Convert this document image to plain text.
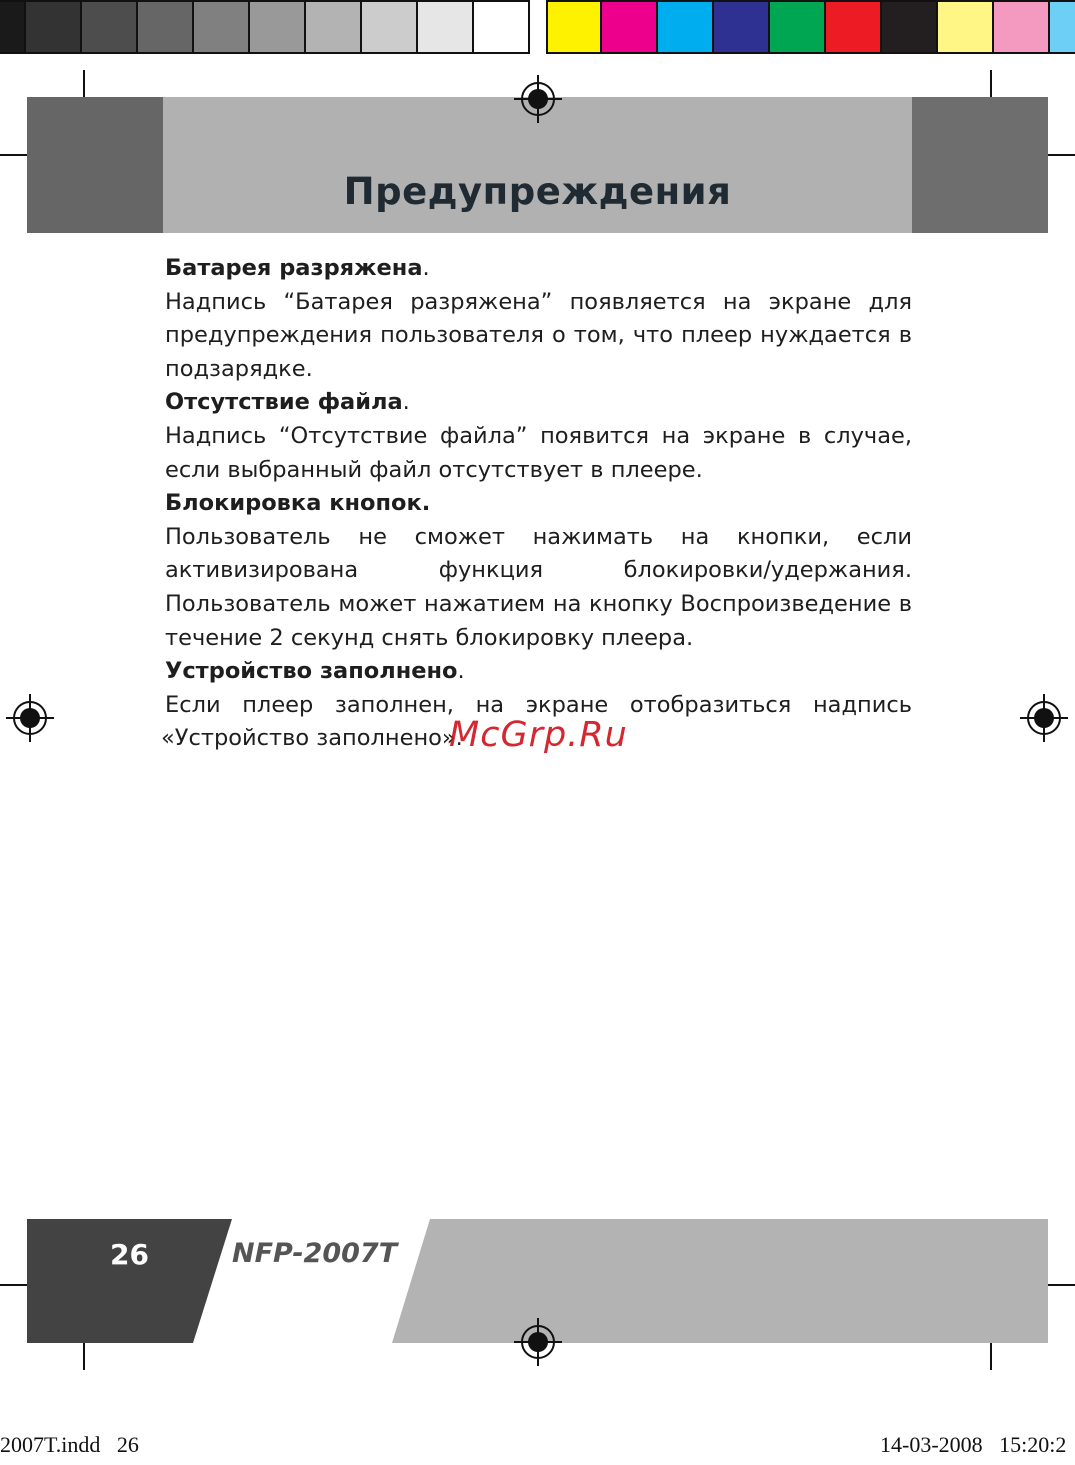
Предупреждения
Батарея разряжена.

Надпись “Батарея разряжена” появляется на экране для предупреждения пользователя о том, что плеер нуждается в подзарядке.

Отсутствие файла.

Надпись “Отсутствие файла” появится на экране в случае, если выбранный файл отсутствует в плеере.

Блокировка кнопок.

Пользователь не сможет нажимать на кнопки, если активизирована функция блокировки/удержания. Пользователь может нажатием на кнопку Воспроизведение в течение 2 секунд снять блокировку плеера.

Устройство заполнено.

Если плеер заполнен, на экране отобразиться надпись

«Устройство заполнено».

McGrp.Ru
26	NFP-2007T
2007T.indd   26	14-03-2008   15:20:2
